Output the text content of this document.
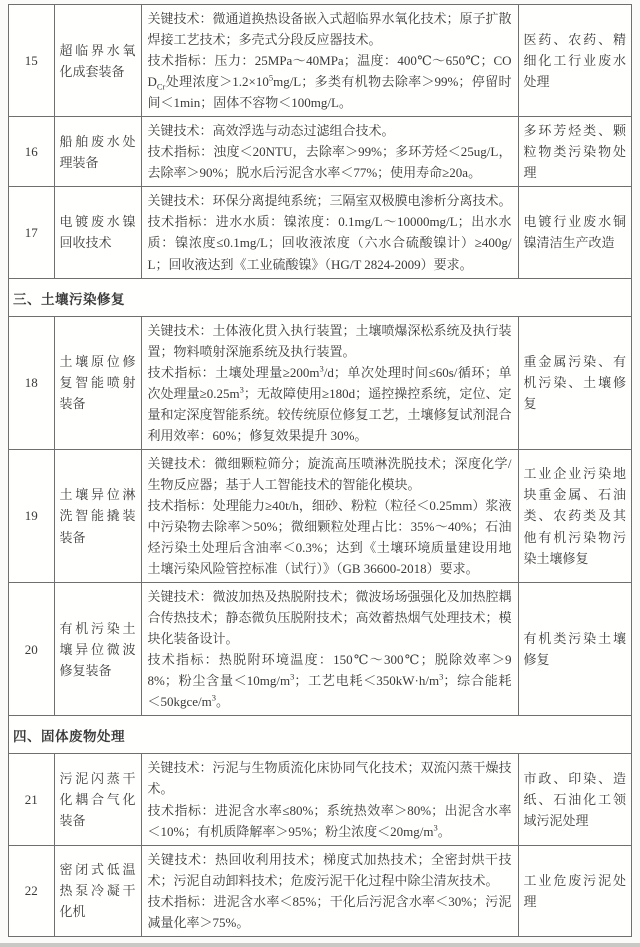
15	超临界水氧化成套装备	

关键技术：微通道换热设备嵌入式超临界水氧化技术；原子扩散焊接工艺技术；多壳式分段反应器技术。

技术指标：压力：25MPa～40MPa；温度：400℃～650℃；$COD_{Cr}$处理浓度$>1.2\times 10^5mg/L$；多类有机物去除率＞99%；停留时间＜1min；固体不容物＜100mg/L。

	医药、农药、精细化工行业废水处理
16	船舶废水处理装备	

关键技术：高效浮选与动态过滤组合技术。

技术指标：浊度＜20NTU，去除率＞99%；多环芳烃＜25ug/L，去除率＞90%；脱水后污泥含水率＜77%；使用寿命≥20a。

	多环芳烃类、颗粒物类污染物处理
17	电镀废水镍回收技术	

关键技术：环保分离提纯系统；三隔室双极膜电渗析分离技术。

技术指标：进水水质：镍浓度：0.1mg/L～10000mg/L；出水水质：镍浓度≤0.1mg/L；回收液浓度（六水合硫酸镍计）≥400g/L；回收液达到《工业硫酸镍》（HG/T 2824-2009）要求。

	电镀行业废水铜镍清洁生产改造
三、土壤污染修复
18	土壤原位修复智能喷射装备	

关键技术：土体液化贯入执行装置；土壤喷爆深松系统及执行装置；物料喷射深施系统及执行装置。

技术指标：土壤处理量$\ge 200m^3/d$；单次处理时间≤60s/循环；单次处理量$\ge 0.25m^3$；无故障使用≥180d；遥控操控系统，定位、定量和定深度智能系统。较传统原位修复工艺，土壤修复试剂混合利用效率：60%；修复效果提升 30%。

	重金属污染、有机污染、土壤修复
19	土壤异位淋洗智能撬装装备	

关键技术：微细颗粒筛分；旋流高压喷淋洗脱技术；深度化学/生物反应器；基于人工智能技术的智能化模块。

技术指标：处理能力≥40t/h，细砂、粉粒（粒径＜0.25mm）浆液中污染物去除率＞50%；微细颗粒处理占比：35%～40%；石油烃污染土处理后含油率＜0.3%；达到《土壤环境质量建设用地土壤污染风险管控标准（试行）》（GB 36600-2018）要求。

	工业企业污染地块重金属、石油类、农药类及其他有机污染物污染土壤修复
20	有机污染土壤异位微波修复装备	

关键技术：微波加热及热脱附技术；微波场场强强化及加热腔耦合传热技术；静态微负压脱附技术；高效蓄热烟气处理技术；模块化装备设计。

技术指标：热脱附环境温度：150℃～300℃；脱除效率＞98%；粉尘含量$<10mg/m^3$；工艺电耗$<350kW\cdot h/m^3$；综合能耗$<50kgce/m^3$。

	有机类污染土壤修复
四、固体废物处理
21	污泥闪蒸干化耦合气化装备	

关键技术：污泥与生物质流化床协同气化技术；双流闪蒸干燥技术。

技术指标：进泥含水率≤80%；系统热效率＞80%；出泥含水率＜10%；有机质降解率＞95%；粉尘浓度$<20mg/m^3$。

	市政、印染、造纸、石油化工领域污泥处理
22	密闭式低温热泵冷凝干化机	

关键技术：热回收利用技术；梯度式加热技术；全密封烘干技术；污泥自动卸料技术；危废污泥干化过程中除尘清灰技术。

技术指标：进泥含水率＜85%；干化后污泥含水率＜30%；污泥减量化率＞75%。

	工业危废污泥处理
